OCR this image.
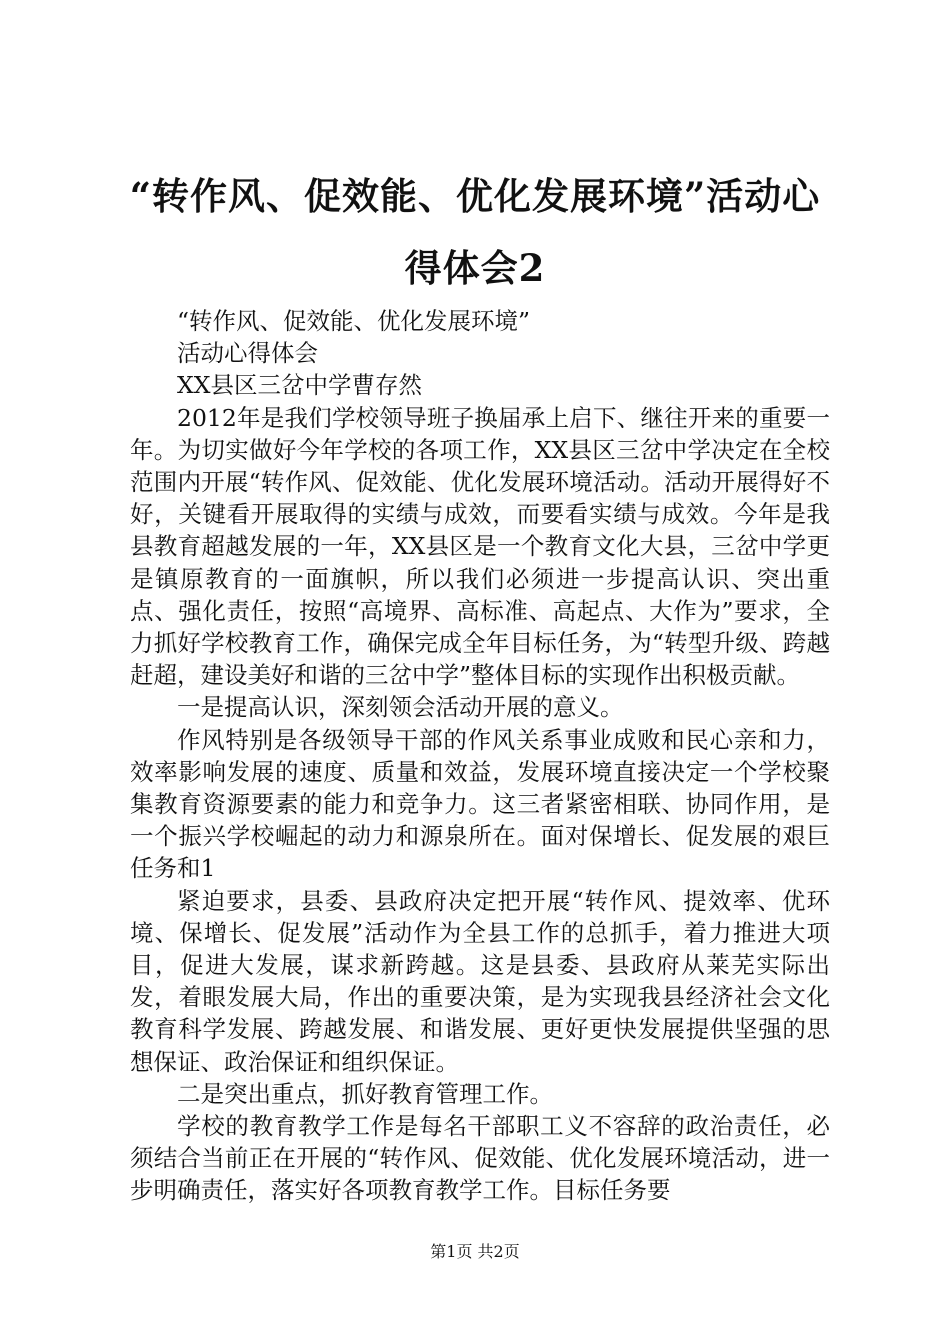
“转作风、促效能、优化发展环境”活动心得体会2

“转作风、促效能、优化发展环境”

活动心得体会

XX县区三岔中学曹存然

2012年是我们学校领导班子换届承上启下、继往开来的重要一年。为切实做好今年学校的各项工作，XX县区三岔中学决定在全校范围内开展“转作风、促效能、优化发展环境活动。活动开展得好不好，关键看开展取得的实绩与成效，而要看实绩与成效。今年是我县教育超越发展的一年，XX县区是一个教育文化大县，三岔中学更是镇原教育的一面旗帜，所以我们必须进一步提高认识、突出重点、强化责任，按照“高境界、高标准、高起点、大作为”要求，全力抓好学校教育工作，确保完成全年目标任务，为“转型升级、跨越赶超，建设美好和谐的三岔中学”整体目标的实现作出积极贡献。

一是提高认识，深刻领会活动开展的意义。

作风特别是各级领导干部的作风关系事业成败和民心亲和力，效率影响发展的速度、质量和效益，发展环境直接决定一个学校聚集教育资源要素的能力和竞争力。这三者紧密相联、协同作用，是一个振兴学校崛起的动力和源泉所在。面对保增长、促发展的艰巨任务和1

紧迫要求，县委、县政府决定把开展“转作风、提效率、优环境、保增长、促发展”活动作为全县工作的总抓手，着力推进大项目，促进大发展，谋求新跨越。这是县委、县政府从莱芜实际出发，着眼发展大局，作出的重要决策，是为实现我县经济社会文化教育科学发展、跨越发展、和谐发展、更好更快发展提供坚强的思想保证、政治保证和组织保证。

二是突出重点，抓好教育管理工作。

学校的教育教学工作是每名干部职工义不容辞的政治责任，必须结合当前正在开展的“转作风、促效能、优化发展环境活动，进一步明确责任，落实好各项教育教学工作。目标任务要

第1页 共2页
